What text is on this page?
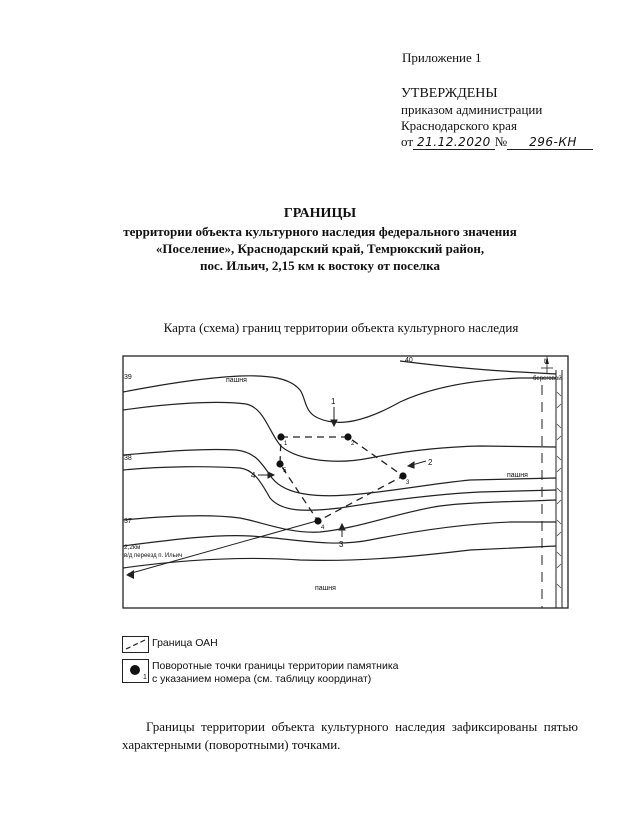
Приложение 1
УТВЕРЖДЕНЫ
приказом администрации
Краснодарского края
от 21.12.2020 № 296-КН
ГРАНИЦЫ
территории объекта культурного наследия федерального значения
«Поселение», Краснодарский край, Темрюкский район,
пос. Ильич, 2,15 км к востоку от поселка
Карта (схема) границ территории объекта культурного наследия
1	2
3
4
5
1
2
3
4
пашня
пашня
пашня
39
38
37
40
береговой
2,2км
в/д переезд п. Ильич
N
Граница ОАН
1
Поворотные точки границы территории памятника
с указанием номера (см. таблицу координат)
Границы территории объекта культурного наследия зафиксированы пятью характерными (поворотными) точками.
